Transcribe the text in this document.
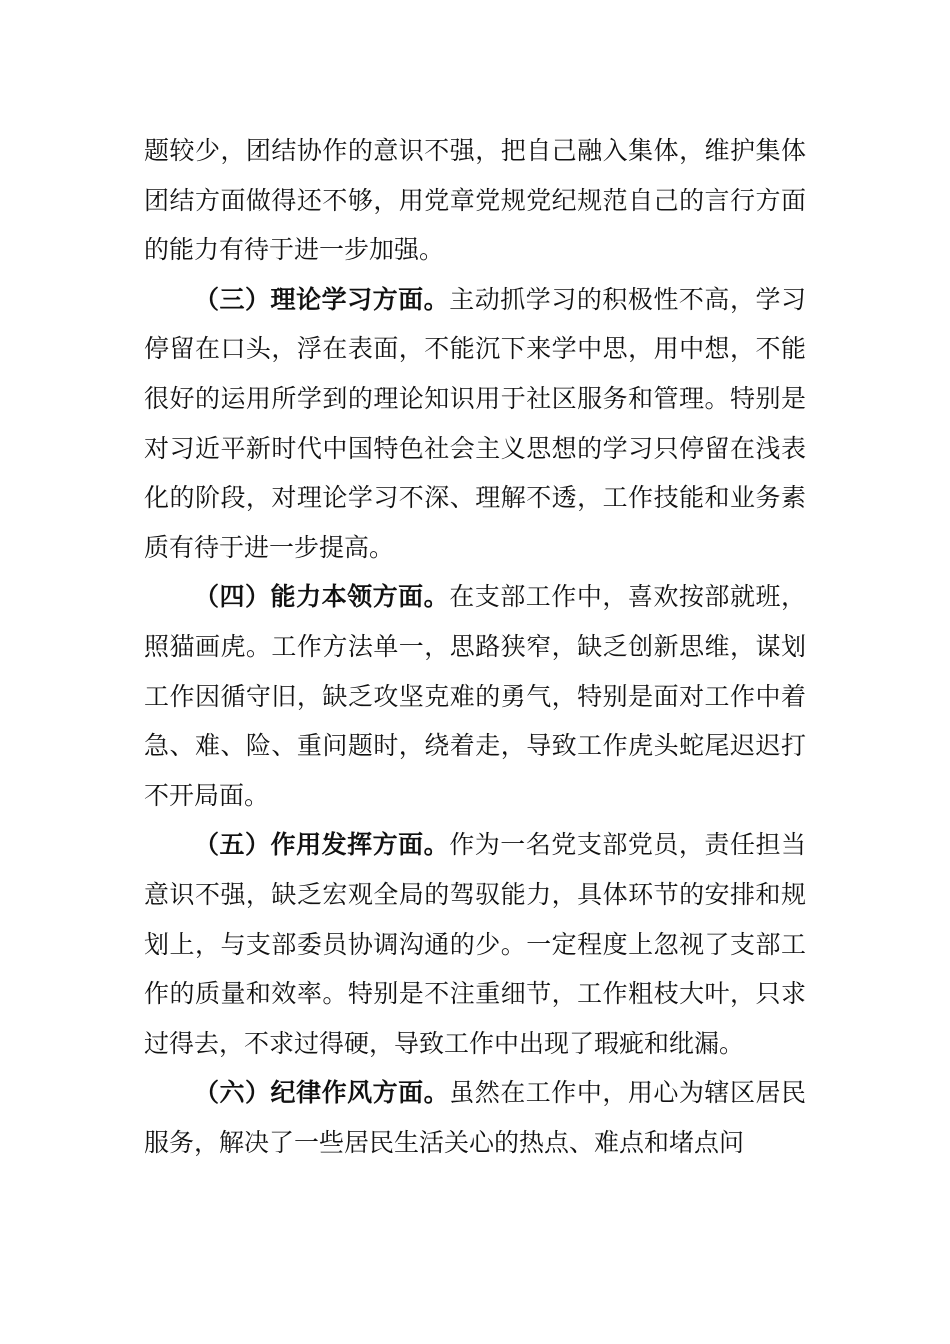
题较少，团结协作的意识不强，把自己融入集体，维护集体团结方面做得还不够，用党章党规党纪规范自己的言行方面的能力有待于进一步加强。

（三）理论学习方面。主动抓学习的积极性不高，学习停留在口头，浮在表面，不能沉下来学中思，用中想，不能很好的运用所学到的理论知识用于社区服务和管理。特别是对习近平新时代中国特色社会主义思想的学习只停留在浅表化的阶段，对理论学习不深、理解不透，工作技能和业务素质有待于进一步提高。

（四）能力本领方面。在支部工作中，喜欢按部就班，照猫画虎。工作方法单一，思路狭窄，缺乏创新思维，谋划工作因循守旧，缺乏攻坚克难的勇气，特别是面对工作中着急、难、险、重问题时，绕着走，导致工作虎头蛇尾迟迟打不开局面。

（五）作用发挥方面。作为一名党支部党员，责任担当意识不强，缺乏宏观全局的驾驭能力，具体环节的安排和规划上，与支部委员协调沟通的少。一定程度上忽视了支部工作的质量和效率。特别是不注重细节，工作粗枝大叶，只求过得去，不求过得硬，导致工作中出现了瑕疵和纰漏。

（六）纪律作风方面。虽然在工作中，用心为辖区居民服务，解决了一些居民生活关心的热点、难点和堵点问
